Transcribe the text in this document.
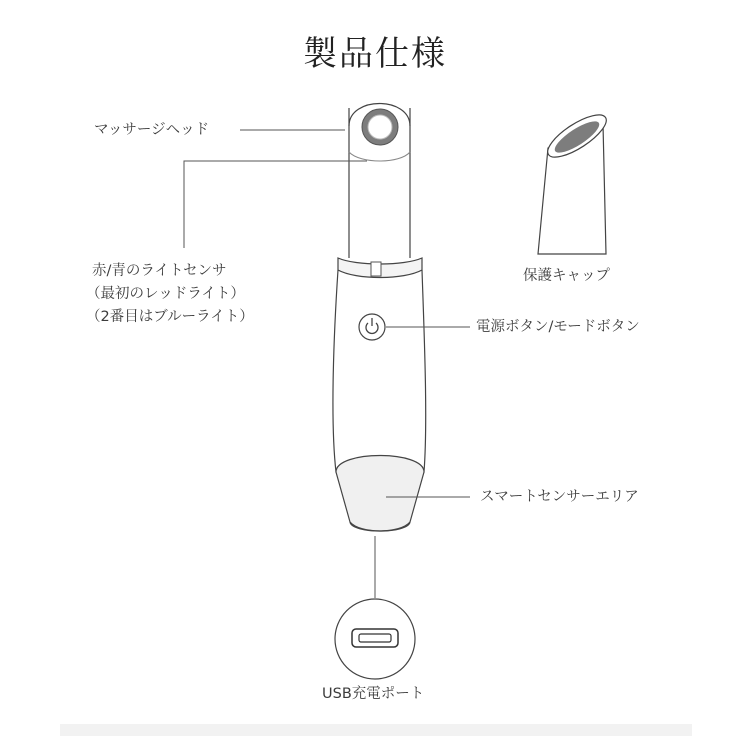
製品仕様
マッサージヘッド
赤/青のライトセンサ
（最初のレッドライト）
（2番目はブルーライト）
保護キャップ
電源ボタン/モードボタン
スマートセンサーエリア
USB充電ポート
